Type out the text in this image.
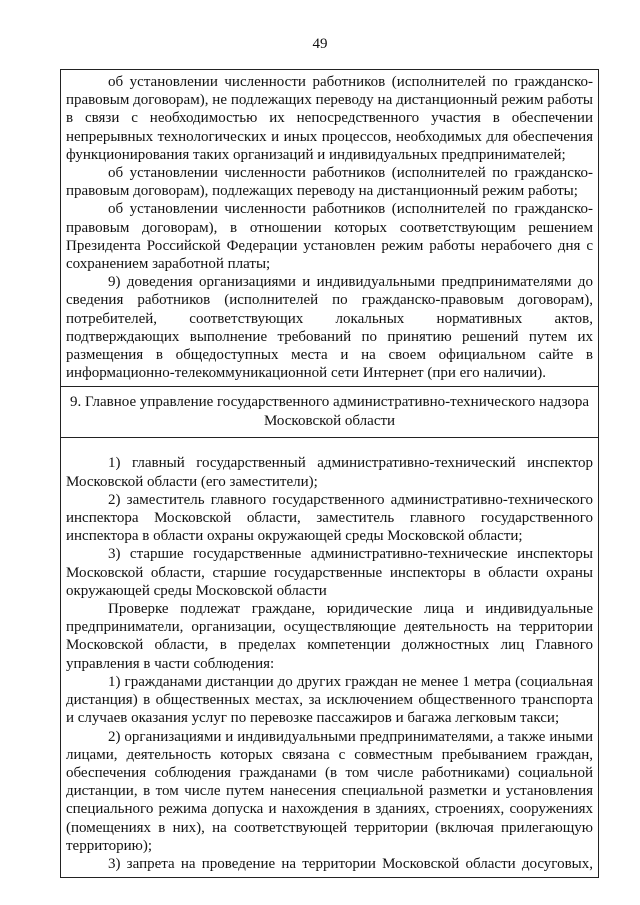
49

об установлении численности работников (исполнителей по гражданско-правовым договорам), не подлежащих переводу на дистанционный режим работы в связи с необходимостью их непосредственного участия в обеспечении непрерывных технологических и иных процессов, необходимых для обеспечения функционирования таких организаций и индивидуальных предпринимателей;

об установлении численности работников (исполнителей по гражданско-правовым договорам), подлежащих переводу на дистанционный режим работы;

об установлении численности работников (исполнителей по гражданско-правовым договорам), в отношении которых соответствующим решением Президента Российской Федерации установлен режим работы нерабочего дня с сохранением заработной платы;

9) доведения организациями и индивидуальными предпринимателями до сведения работников (исполнителей по гражданско-правовым договорам), потребителей, соответствующих локальных нормативных актов, подтверждающих выполнение требований по принятию решений путем их размещения в общедоступных места и на своем официальном сайте в информационно-телекоммуникационной сети Интернет (при его наличии).

9. Главное управление государственного административно-технического надзора Московской области

1) главный государственный административно-технический инспектор Московской области (его заместители);

2) заместитель главного государственного административно-технического инспектора Московской области, заместитель главного государственного инспектора в области охраны окружающей среды Московской области;

3) старшие государственные административно-технические инспекторы Московской области, старшие государственные инспекторы в области охраны окружающей среды Московской области

Проверке подлежат граждане, юридические лица и индивидуальные предприниматели, организации, осуществляющие деятельность на территории Московской области, в пределах компетенции должностных лиц Главного управления в части соблюдения:

1) гражданами дистанции до других граждан не менее 1 метра (социальная дистанция) в общественных местах, за исключением общественного транспорта и случаев оказания услуг по перевозке пассажиров и багажа легковым такси;

2) организациями и индивидуальными предпринимателями, а также иными лицами, деятельность которых связана с совместным пребыванием граждан, обеспечения соблюдения гражданами (в том числе работниками) социальной дистанции, в том числе путем нанесения специальной разметки и установления специального режима допуска и нахождения в зданиях, строениях, сооружениях (помещениях в них), на соответствующей территории (включая прилегающую территорию);

3) запрета на проведение на территории Московской области досуговых,
